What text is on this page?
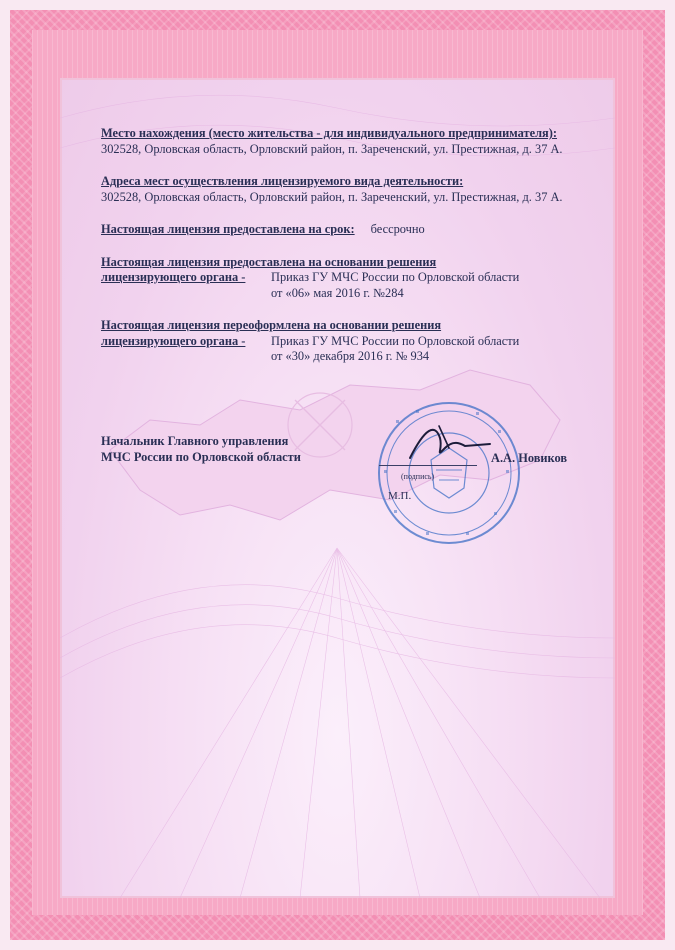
Место нахождения (место жительства - для индивидуального предпринимателя):
302528, Орловская область, Орловский район, п. Зареченский, ул. Престижная, д. 37 А.
Адреса мест осуществления лицензируемого вида деятельности:
302528, Орловская область, Орловский район, п. Зареченский, ул. Престижная, д. 37 А.
Настоящая лицензия предоставлена на срок: бессрочно
Настоящая лицензия предоставлена на основании решения
лицензирующего органа -	Приказ ГУ МЧС России по Орловской области
от «06» мая 2016 г. №284
Настоящая лицензия переоформлена на основании решения
лицензирующего органа -	Приказ ГУ МЧС России по Орловской области
от «30» декабря 2016 г. № 934
Начальник Главного управления
МЧС России по Орловской области
(подпись)
А.А. Новиков
М.П.
